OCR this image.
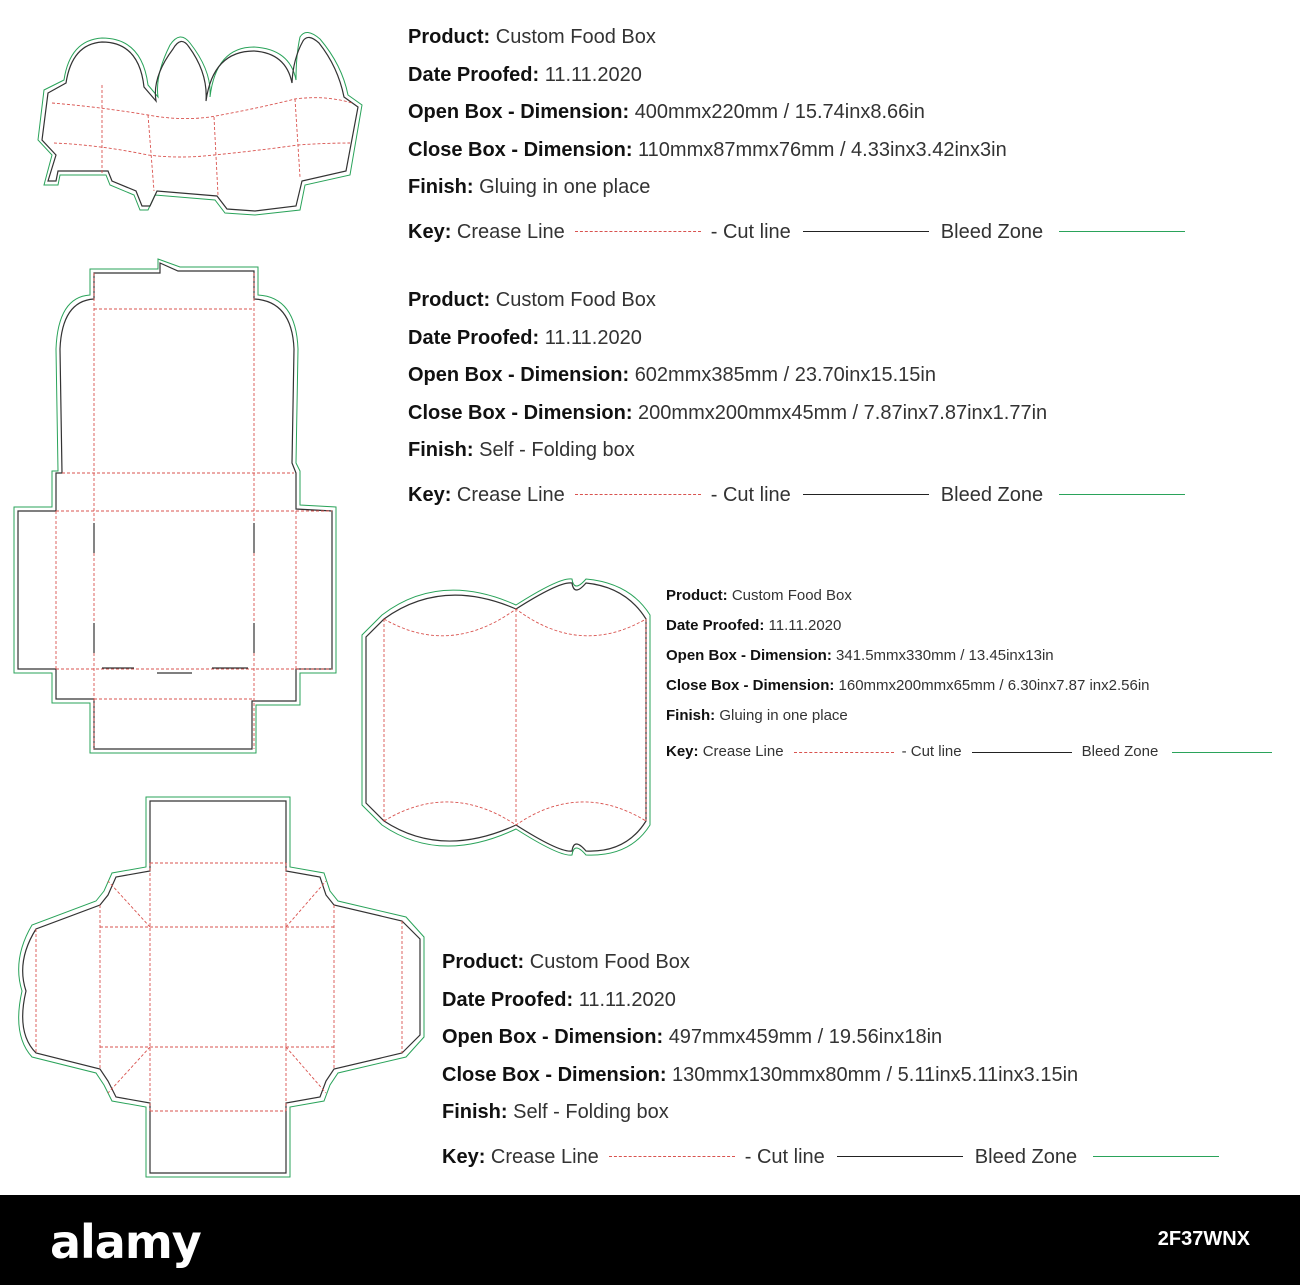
Product: Custom Food Box
Date Proofed: 11.11.2020
Open Box - Dimension: 400mmx220mm / 15.74inx8.66in
Close Box - Dimension: 110mmx87mmx76mm / 4.33inx3.42inx3in
Finish: Gluing in one place
Key:
Crease Line	- Cut line	Bleed Zone
Product: Custom Food Box
Date Proofed: 11.11.2020
Open Box - Dimension: 602mmx385mm / 23.70inx15.15in
Close Box - Dimension: 200mmx200mmx45mm / 7.87inx7.87inx1.77in
Finish: Self - Folding box
Key:
Crease Line	- Cut line	Bleed Zone
Product: Custom Food Box
Date Proofed: 11.11.2020
Open Box - Dimension: 341.5mmx330mm / 13.45inx13in
Close Box - Dimension: 160mmx200mmx65mm / 6.30inx7.87 inx2.56in
Finish: Gluing in one place
Key:
Crease Line	- Cut line	Bleed Zone
Product: Custom Food Box
Date Proofed: 11.11.2020
Open Box - Dimension: 497mmx459mm / 19.56inx18in
Close Box - Dimension: 130mmx130mmx80mm / 5.11inx5.11inx3.15in
Finish: Self - Folding box
Key:
Crease Line	- Cut line	Bleed Zone
alamy	2F37WNX
